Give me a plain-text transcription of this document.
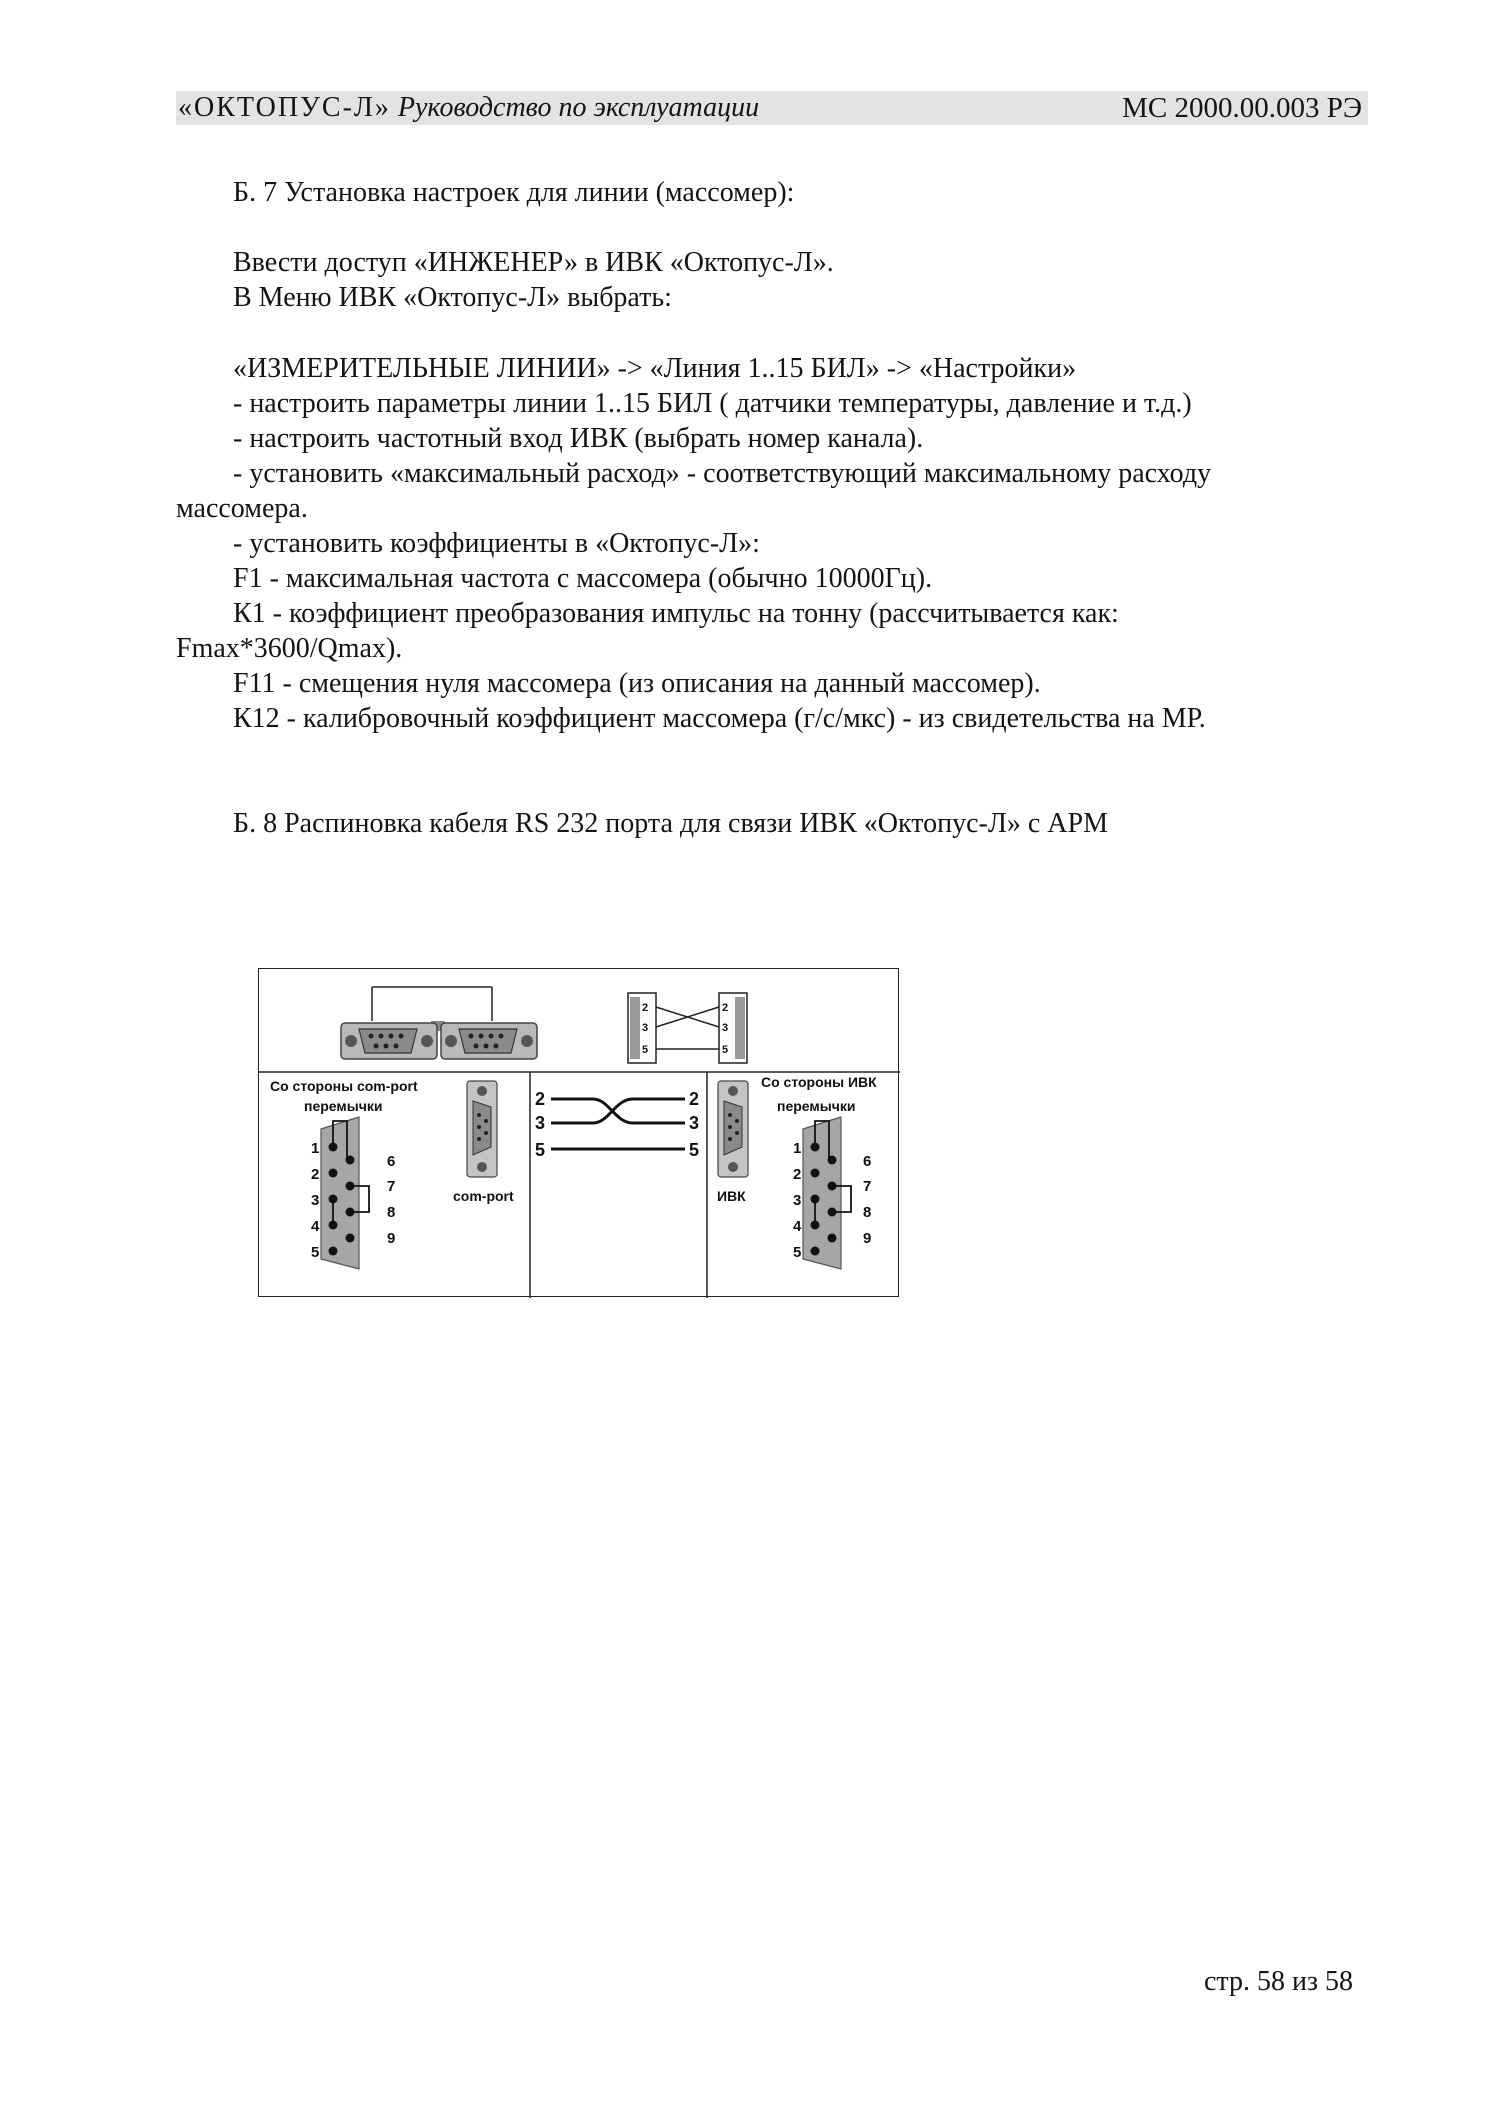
«ОКТОПУС-Л» Руководство по эксплуатации	МС 2000.00.003 РЭ
Б. 7 Установка настроек для линии (массомер):
Ввести доступ «ИНЖЕНЕР» в ИВК «Октопус-Л».
В Меню ИВК «Октопус-Л» выбрать:
«ИЗМЕРИТЕЛЬНЫЕ ЛИНИИ» -> «Линия 1..15 БИЛ» -> «Настройки»
- настроить параметры линии 1..15 БИЛ ( датчики температуры, давление и т.д.)
- настроить частотный вход ИВК (выбрать номер канала).
- установить «максимальный расход» - соответствующий максимальному расходу
массомера.
- установить коэффициенты в «Октопус-Л»:
F1 - максимальная частота с массомера (обычно 10000Гц).
К1 - коэффициент преобразования импульс на тонну (рассчитывается как:
Fmax*3600/Qmax).
F11 - смещения нуля массомера (из описания на данный массомер).
К12 - калибровочный коэффициент массомера (г/с/мкс) - из свидетельства на МР.
Б. 8 Распиновка кабеля RS 232 порта для связи ИВК «Октопус-Л» с АРМ
2
3
5
2
3
5
Со стороны com-port
перемычки
1
2
3
4
5
6
7
8
9
com-port
2
3
5
2
3
5
ИВК
Со стороны ИВК
перемычки
1
2
3
4
5
6
7
8
9
стр. 58 из 58
